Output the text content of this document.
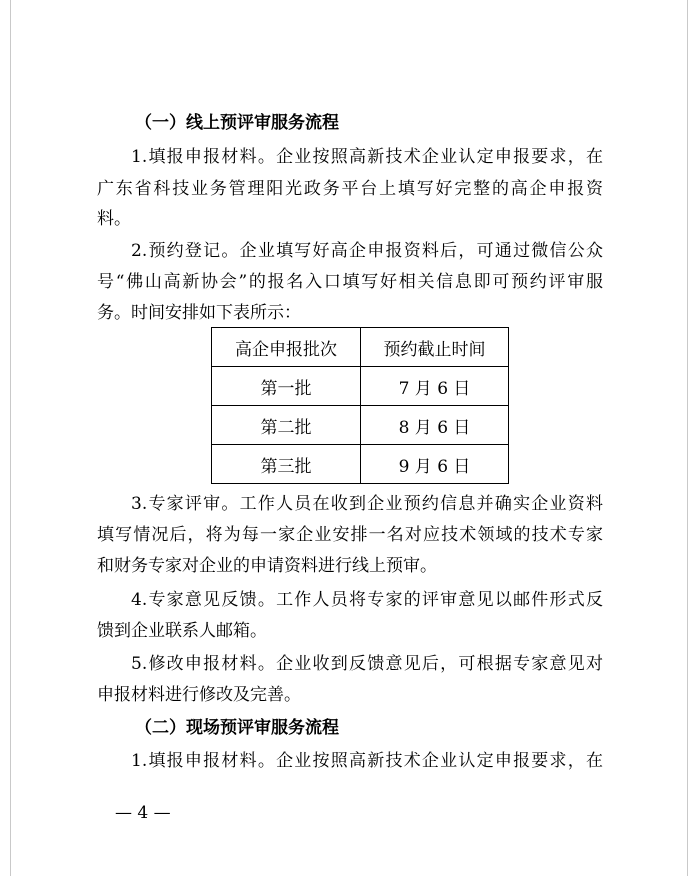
（一）线上预评审服务流程
1.填报申报材料。企业按照高新技术企业认定申报要求，在
广东省科技业务管理阳光政务平台上填写好完整的高企申报资
料。
2.预约登记。企业填写好高企申报资料后，可通过微信公众
号“佛山高新协会”的报名入口填写好相关信息即可预约评审服
务。时间安排如下表所示：
高企申报批次	预约截止时间
第一批	7 月 6 日
第二批	8 月 6 日
第三批	9 月 6 日
3.专家评审。工作人员在收到企业预约信息并确实企业资料
填写情况后，将为每一家企业安排一名对应技术领域的技术专家
和财务专家对企业的申请资料进行线上预审。
4.专家意见反馈。工作人员将专家的评审意见以邮件形式反
馈到企业联系人邮箱。
5.修改申报材料。企业收到反馈意见后，可根据专家意见对
申报材料进行修改及完善。
（二）现场预评审服务流程
1.填报申报材料。企业按照高新技术企业认定申报要求，在
— 4 —
